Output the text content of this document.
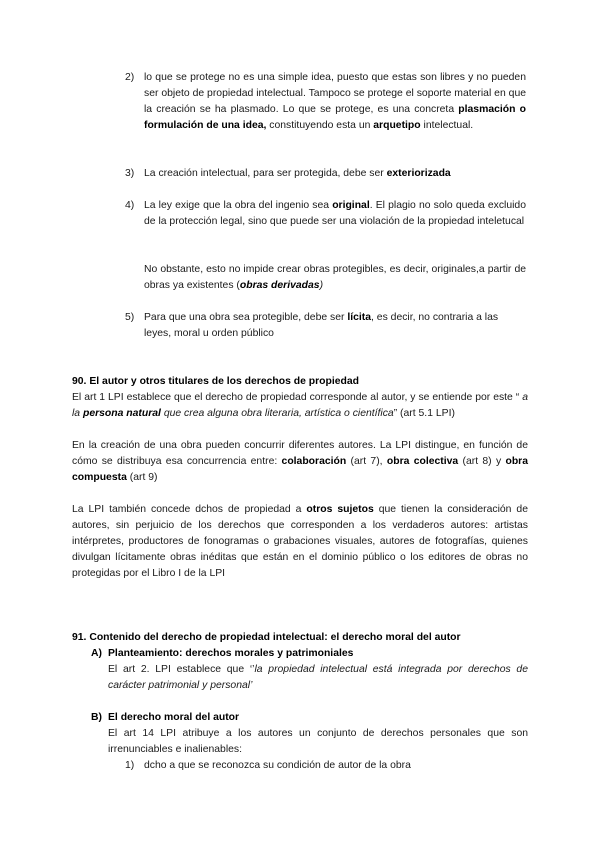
2) lo que se protege no es una simple idea, puesto que estas son libres y no pueden ser objeto de propiedad intelectual. Tampoco se protege el soporte material en que la creación se ha plasmado. Lo que se protege, es una concreta plasmación o formulación de una idea, constituyendo esta un arquetipo intelectual.
3) La creación intelectual, para ser protegida, debe ser exteriorizada
4) La ley exige que la obra del ingenio sea original. El plagio no solo queda excluido de la protección legal, sino que puede ser una violación de la propiedad inteletucal
No obstante, esto no impide crear obras protegibles, es decir, originales,a partir de obras ya existentes (obras derivadas)
5) Para que una obra sea protegible, debe ser lícita, es decir, no contraria a las leyes, moral u orden público
90. El autor y otros titulares de los derechos de propiedad
El art 1 LPI establece que el derecho de propiedad corresponde al autor, y se entiende por este “ a la persona natural que crea alguna obra literaria, artística o científica” (art 5.1 LPI)
En la creación de una obra pueden concurrir diferentes autores. La LPI distingue, en función de cómo se distribuya esa concurrencia entre: colaboración (art 7), obra colectiva (art 8) y obra compuesta (art 9)
La LPI también concede dchos de propiedad a otros sujetos que tienen la consideración de autores, sin perjuicio de los derechos que corresponden a los verdaderos autores: artistas intérpretes, productores de fonogramas o grabaciones visuales, autores de fotografías, quienes divulgan lícitamente obras inéditas que están en el dominio público o los editores de obras no protegidas por el Libro I de la LPI
91. Contenido del derecho de propiedad intelectual: el derecho moral del autor
A) Planteamiento: derechos morales y patrimoniales
El art 2. LPI establece que ‘’la propiedad intelectual está integrada por derechos de carácter patrimonial y personal’
B) El derecho moral del autor
El art 14 LPI atribuye a los autores un conjunto de derechos personales que son irrenunciables e inalienables:
1) dcho a que se reconozca su condición de autor de la obra
